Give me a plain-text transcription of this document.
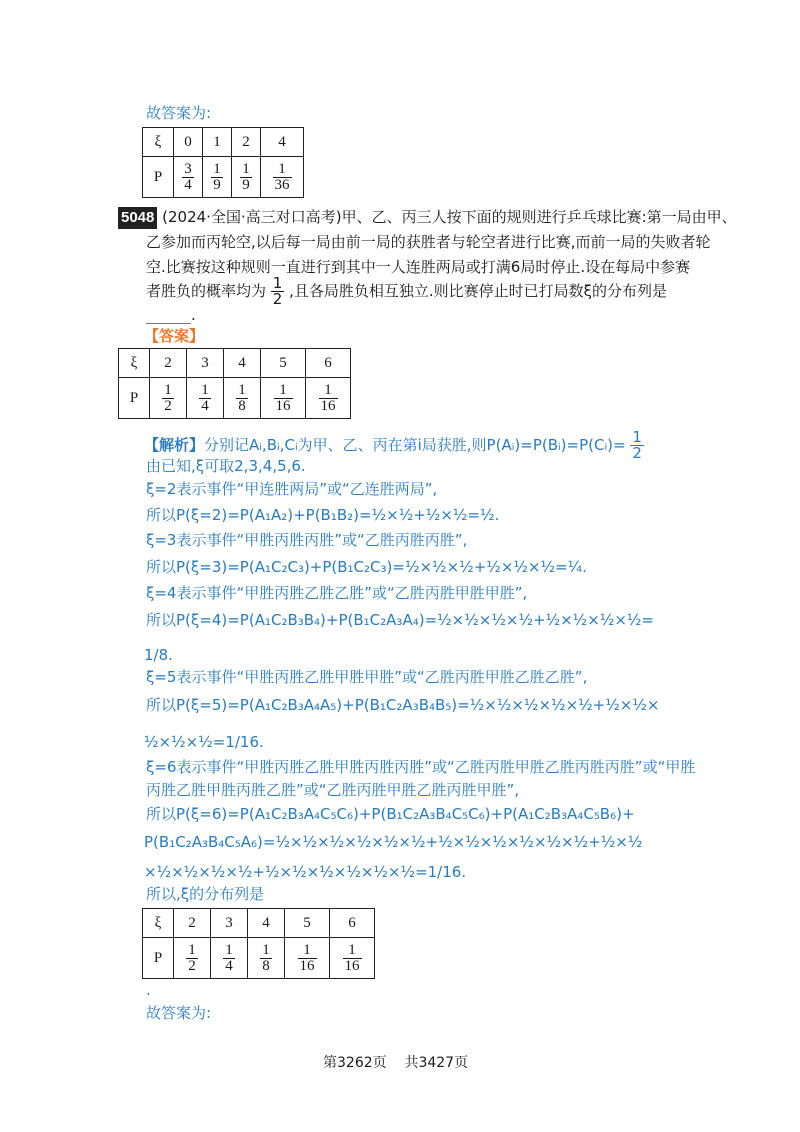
故答案为:
ξ	0	1	2	4
P	$\frac{3}{4}$	$\frac{1}{9}$	$\frac{1}{9}$	$\frac{1}{36}$
5048 (2024·全国·高三对口高考)甲、乙、丙三人按下面的规则进行乒乓球比赛:第一局由甲、
乙参加而丙轮空,以后每一局由前一局的获胜者与轮空者进行比赛,而前一局的失败者轮
空.比赛按这种规则一直进行到其中一人连胜两局或打满6局时停止.设在每局中参赛
者胜负的概率均为 $\frac{1}{2}$ ,且各局胜负相互独立.则比赛停止时已打局数ξ的分布列是
______.
【答案】
ξ	2	3	4	5	6
P	$\frac{1}{2}$	$\frac{1}{4}$	$\frac{1}{8}$	$\frac{1}{16}$	$\frac{1}{16}$
【解析】分别记Aᵢ,Bᵢ,Cᵢ为甲、乙、丙在第i局获胜,则P(Aᵢ)=P(Bᵢ)=P(Cᵢ)= $\frac{1}{2}$
由已知,ξ可取2,3,4,5,6.
ξ=2表示事件“甲连胜两局”或“乙连胜两局”,
所以P(ξ=2)=P(A₁A₂)+P(B₁B₂)=½×½+½×½=½.
ξ=3表示事件“甲胜丙胜丙胜”或“乙胜丙胜丙胜”,
所以P(ξ=3)=P(A₁C₂C₃)+P(B₁C₂C₃)=½×½×½+½×½×½=¼.
ξ=4表示事件“甲胜丙胜乙胜乙胜”或“乙胜丙胜甲胜甲胜”,
所以P(ξ=4)=P(A₁C₂B₃B₄)+P(B₁C₂A₃A₄)=½×½×½×½+½×½×½×½=
1/8.
ξ=5表示事件“甲胜丙胜乙胜甲胜甲胜”或“乙胜丙胜甲胜乙胜乙胜”,
所以P(ξ=5)=P(A₁C₂B₃A₄A₅)+P(B₁C₂A₃B₄B₅)=½×½×½×½×½+½×½×
½×½×½=1/16.
ξ=6表示事件“甲胜丙胜乙胜甲胜丙胜丙胜”或“乙胜丙胜甲胜乙胜丙胜丙胜”或“甲胜
丙胜乙胜甲胜丙胜乙胜”或“乙胜丙胜甲胜乙胜丙胜甲胜”,
所以P(ξ=6)=P(A₁C₂B₃A₄C₅C₆)+P(B₁C₂A₃B₄C₅C₆)+P(A₁C₂B₃A₄C₅B₆)+
P(B₁C₂A₃B₄C₅A₆)=½×½×½×½×½×½+½×½×½×½×½×½+½×½
×½×½×½×½+½×½×½×½×½×½=1/16.
所以,ξ的分布列是
ξ	2	3	4	5	6
P	$\frac{1}{2}$	$\frac{1}{4}$	$\frac{1}{8}$	$\frac{1}{16}$	$\frac{1}{16}$
.
故答案为:
第3262页 共3427页
